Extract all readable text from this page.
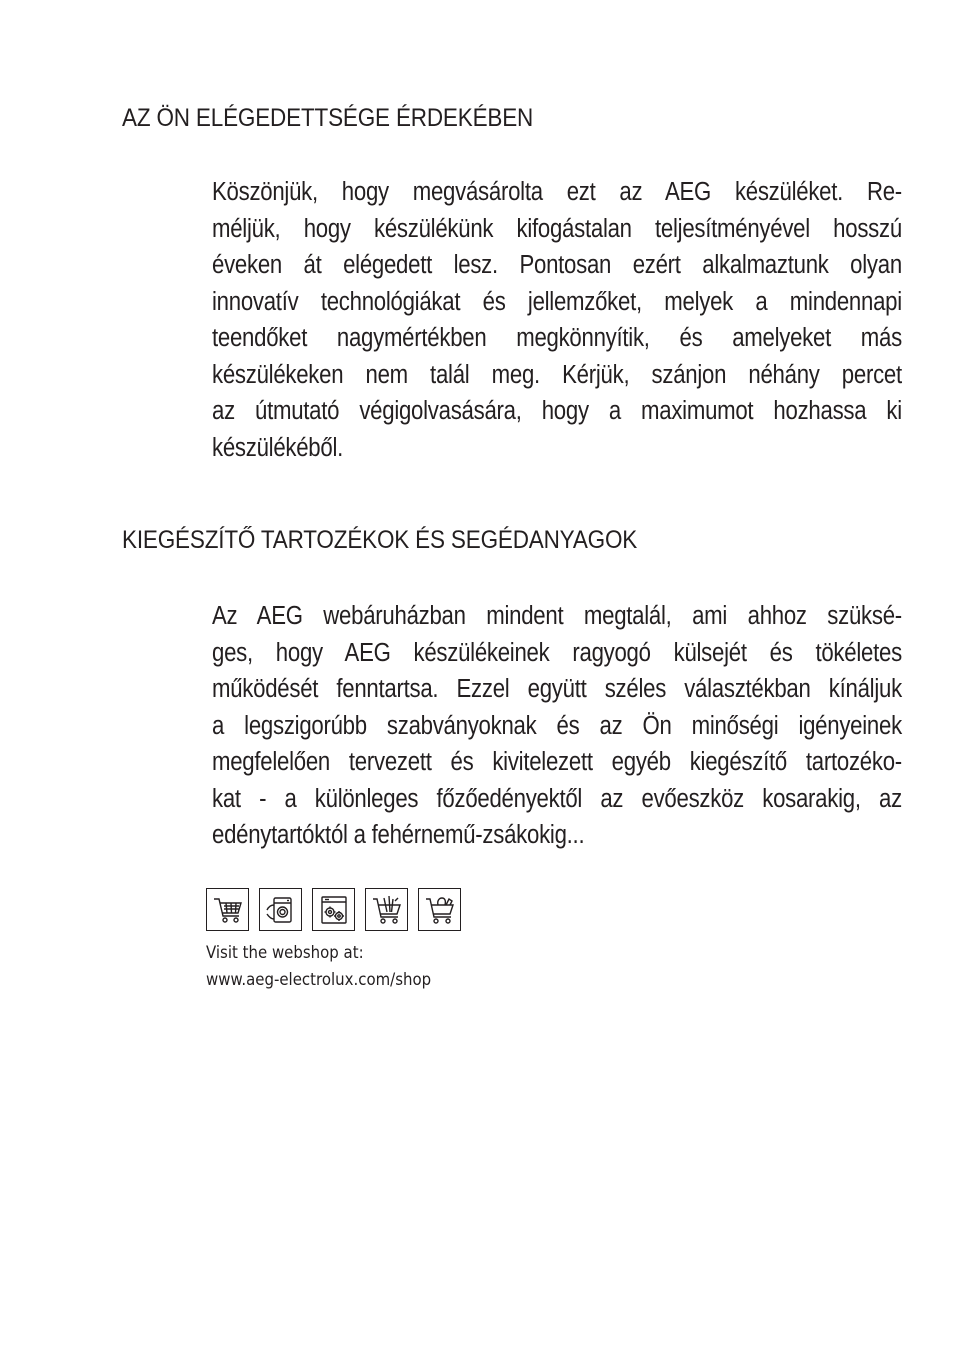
AZ ÖN ELÉGEDETTSÉGE ÉRDEKÉBEN

Köszönjük, hogy megvásárolta ezt az AEG készüléket. Re-
méljük, hogy készülékünk kifogástalan teljesítményével hosszú
éveken át elégedett lesz. Pontosan ezért alkalmaztunk olyan
innovatív technológiákat és jellemzőket, melyek a mindennapi
teendőket nagymértékben megkönnyítik, és amelyeket más
készülékeken nem talál meg. Kérjük, szánjon néhány percet
az útmutató végigolvasására, hogy a maximumot hozhassa ki
készülékéből.

KIEGÉSZÍTŐ TARTOZÉKOK ÉS SEGÉDANYAGOK

Az AEG webáruházban mindent megtalál, ami ahhoz szüksé-
ges, hogy AEG készülékeinek ragyogó külsejét és tökéletes
működését fenntartsa. Ezzel együtt széles választékban kínáljuk
a legszigorúbb szabványoknak és az Ön minőségi igényeinek
megfelelően tervezett és kivitelezett egyéb kiegészítő tartozéko-
kat - a különleges főzőedényektől az evőeszköz kosarakig, az
edénytartóktól a fehérnemű-zsákokig...

Visit the webshop at:
www.aeg-electrolux.com/shop
